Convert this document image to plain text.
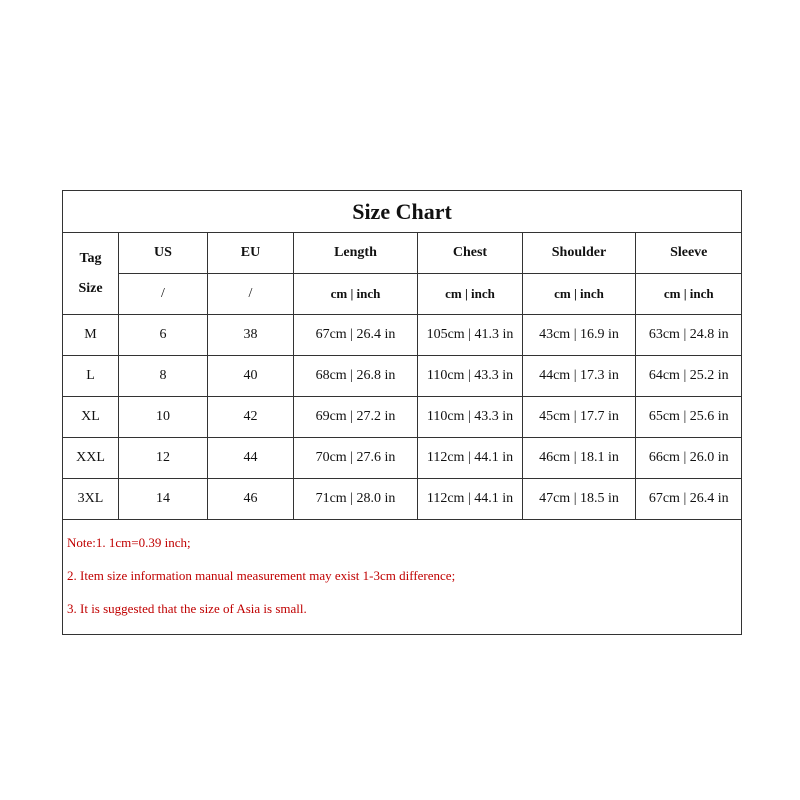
Size Chart
Tag
Size	US	EU	Length	Chest	Shoulder	Sleeve
	/	/	cm | inch	cm | inch	cm | inch	cm | inch
M	6	38	67cm | 26.4 in	105cm | 41.3 in	43cm | 16.9 in	63cm | 24.8 in
L	8	40	68cm | 26.8 in	110cm | 43.3 in	44cm | 17.3 in	64cm | 25.2 in
XL	10	42	69cm | 27.2 in	110cm | 43.3 in	45cm | 17.7 in	65cm | 25.6 in
XXL	12	44	70cm | 27.6 in	112cm | 44.1 in	46cm | 18.1 in	66cm | 26.0 in
3XL	14	46	71cm | 28.0 in	112cm | 44.1 in	47cm | 18.5 in	67cm | 26.4 in
Note:1. 1cm=0.39 inch;
2. Item size information manual measurement may exist 1-3cm difference;
3. It is suggested that the size of Asia is small.
